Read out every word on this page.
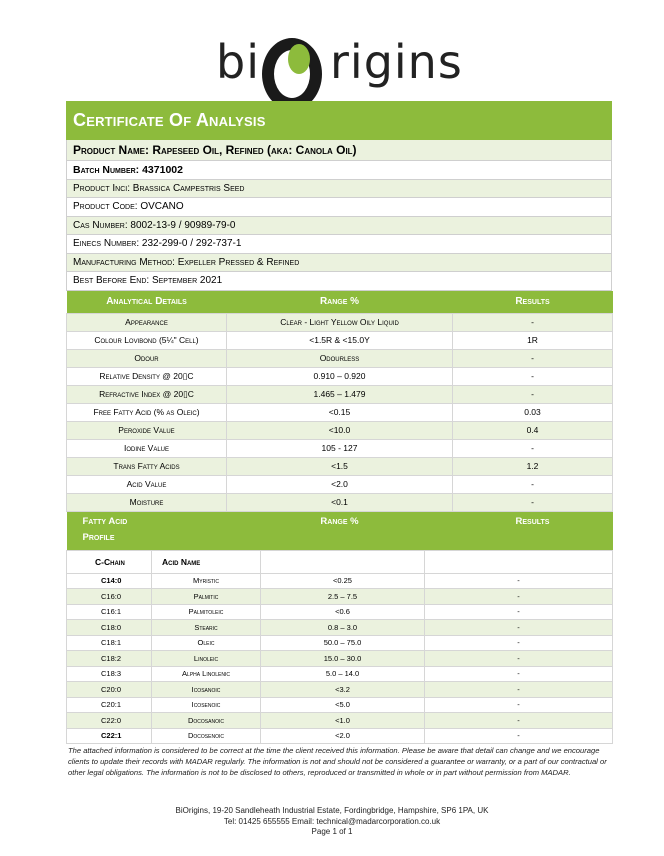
bi rigins
Certificate Of Analysis
Product Name: Rapeseed Oil, Refined (aka: Canola Oil)
Batch Number: 4371002
Product Inci: Brassica Campestris Seed
Product Code: OVCANO
Cas Number: 8002-13-9 / 90989-79-0
Einecs Number: 232-299-0 / 292-737-1
Manufacturing Method: Expeller Pressed & Refined
Best Before End: September 2021
Analytical Details	Range %	Results
Appearance	Clear - Light Yellow Oily Liquid	-
Colour Lovibond (5¼" Cell)	<1.5R & <15.0Y	1R
Odour	Odourless	-
Relative Density @ 20▯C	0.910 – 0.920	-
Refractive Index @ 20▯C	1.465 – 1.479	-
Free Fatty Acid (% as Oleic)	<0.15	0.03
Peroxide Value	<10.0	0.4
Iodine Value	105 - 127	-
Trans Fatty Acids	<1.5	1.2
Acid Value	<2.0	-
Moisture	<0.1	-

Fatty Acid
Profile	Range %	Results
C-Chain	Acid Name		
C14:0	Myristic	<0.25	-
C16:0	Palmitic	2.5 – 7.5	-
C16:1	Palmitoleic	<0.6	-
C18:0	Stearic	0.8 – 3.0	-
C18:1	Oleic	50.0 – 75.0	-
C18:2	Linoleic	15.0 – 30.0	-
C18:3	Alpha Linolenic	5.0 – 14.0	-
C20:0	Icosanoic	<3.2	-
C20:1	Icosenoic	<5.0	-
C22:0	Docosanoic	<1.0	-
C22:1	Docosenoic	<2.0	-
The attached information is considered to be correct at the time the client received this information. Please be aware that detail can change and we encourage clients to update their records with MADAR regularly. The information is not and should not be considered a guarantee or warranty, or a part of our contractual or other legal obligations. The information is not to be disclosed to others, reproduced or transmitted in whole or in part without permission from MADAR.
BiOrigins, 19-20 Sandleheath Industrial Estate, Fordingbridge, Hampshire, SP6 1PA, UK
Tel: 01425 655555 Email: technical@madarcorporation.co.uk
Page 1 of 1
